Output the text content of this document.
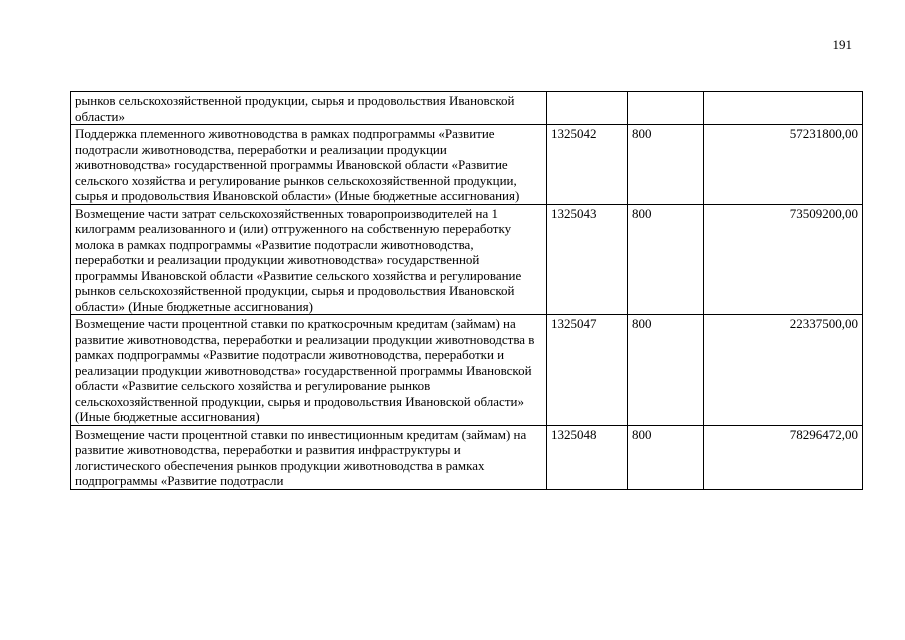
191
рынков сельскохозяйственной продукции, сырья и продовольствия Ивановской области»			
Поддержка племенного животноводства в рамках подпрограммы «Развитие подотрасли животноводства, переработки и реализации продукции животноводства» государственной программы Ивановской области «Развитие сельского хозяйства и регулирование рынков сельскохозяйственной продукции, сырья и продовольствия Ивановской области» (Иные бюджетные ассигнования)	1325042	800	57231800,00
Возмещение части затрат сельскохозяйственных товаропроизводителей на 1 килограмм реализованного и (или) отгруженного на собственную переработку молока в рамках подпрограммы «Развитие подотрасли животноводства, переработки и реализации продукции животноводства» государственной программы Ивановской области «Развитие сельского хозяйства и регулирование рынков сельскохозяйственной продукции, сырья и продовольствия Ивановской области» (Иные бюджетные ассигнования)	1325043	800	73509200,00
Возмещение части процентной ставки по краткосрочным кредитам (займам) на развитие животноводства, переработки и реализации продукции животноводства в рамках подпрограммы «Развитие подотрасли животноводства, переработки и реализации продукции животноводства» государственной программы Ивановской области «Развитие сельского хозяйства и регулирование рынков сельскохозяйственной продукции, сырья и продовольствия Ивановской области» (Иные бюджетные ассигнования)	1325047	800	22337500,00
Возмещение части процентной ставки по инвестиционным кредитам (займам) на развитие животноводства, переработки и развития инфраструктуры и логистического обеспечения рынков продукции животноводства в рамках подпрограммы «Развитие подотрасли	1325048	800	78296472,00
